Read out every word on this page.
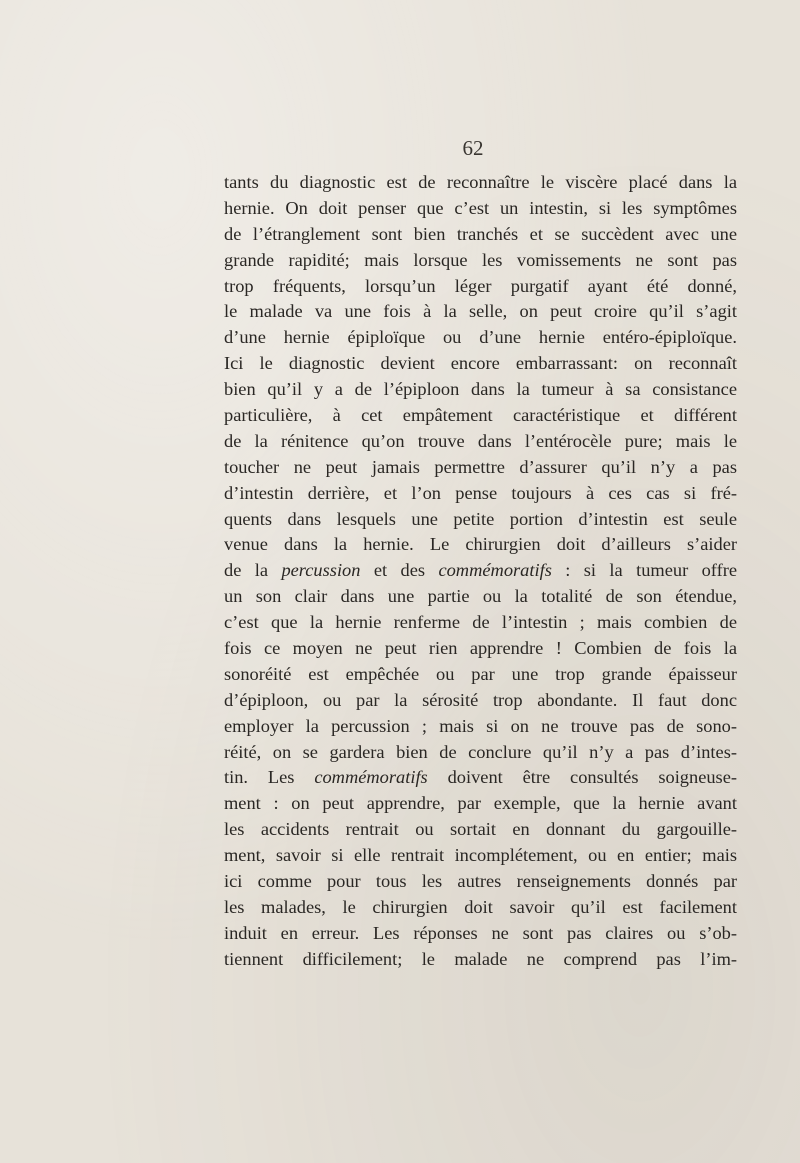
62
tants du diagnostic est de reconnaître le viscère placé dans la
hernie. On doit penser que c’est un intestin, si les symptômes
de l’étranglement sont bien tranchés et se succèdent avec une
grande rapidité; mais lorsque les vomissements ne sont pas
trop fréquents, lorsqu’un léger purgatif ayant été donné,
le malade va une fois à la selle, on peut croire qu’il s’agit
d’une hernie épiploïque ou d’une hernie entéro-épiploïque.
Ici le diagnostic devient encore embarrassant: on reconnaît
bien qu’il y a de l’épiploon dans la tumeur à sa consistance
particulière, à cet empâtement caractéristique et différent
de la rénitence qu’on trouve dans l’entérocèle pure; mais le
toucher ne peut jamais permettre d’assurer qu’il n’y a pas
d’intestin derrière, et l’on pense toujours à ces cas si fré-
quents dans lesquels une petite portion d’intestin est seule
venue dans la hernie. Le chirurgien doit d’ailleurs s’aider
de la percussion et des commémoratifs : si la tumeur offre
un son clair dans une partie ou la totalité de son étendue,
c’est que la hernie renferme de l’intestin ; mais combien de
fois ce moyen ne peut rien apprendre ! Combien de fois la
sonoréité est empêchée ou par une trop grande épaisseur
d’épiploon, ou par la sérosité trop abondante. Il faut donc
employer la percussion ; mais si on ne trouve pas de sono-
réité, on se gardera bien de conclure qu’il n’y a pas d’intes-
tin. Les commémoratifs doivent être consultés soigneuse-
ment : on peut apprendre, par exemple, que la hernie avant
les accidents rentrait ou sortait en donnant du gargouille-
ment, savoir si elle rentrait incomplétement, ou en entier; mais
ici comme pour tous les autres renseignements donnés par
les malades, le chirurgien doit savoir qu’il est facilement
induit en erreur. Les réponses ne sont pas claires ou s’ob-
tiennent difficilement; le malade ne comprend pas l’im-
